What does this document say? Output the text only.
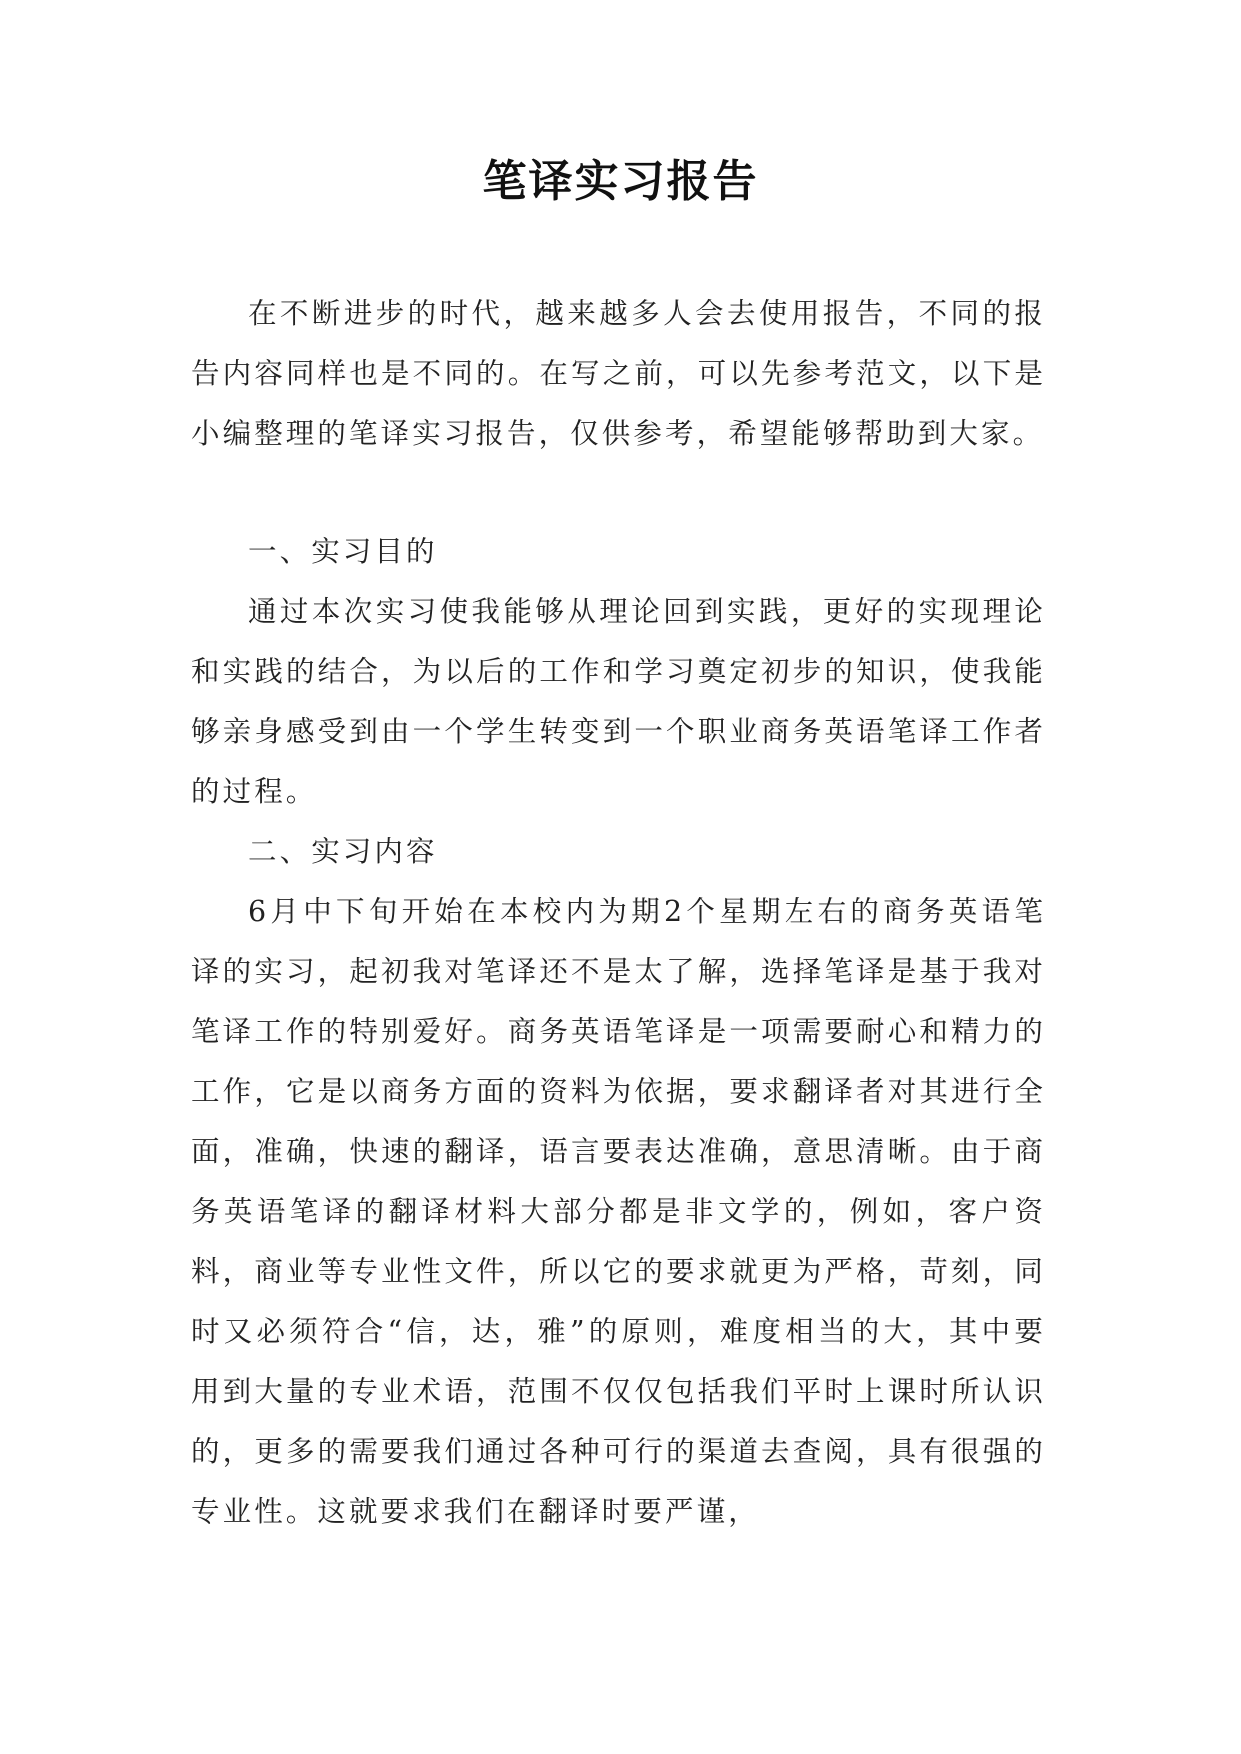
笔译实习报告

在不断进步的时代，越来越多人会去使用报告，不同的报告内容同样也是不同的。在写之前，可以先参考范文，以下是小编整理的笔译实习报告，仅供参考，希望能够帮助到大家。

一、实习目的

通过本次实习使我能够从理论回到实践，更好的实现理论和实践的结合，为以后的工作和学习奠定初步的知识，使我能够亲身感受到由一个学生转变到一个职业商务英语笔译工作者的过程。

二、实习内容

6月中下旬开始在本校内为期2个星期左右的商务英语笔译的实习，起初我对笔译还不是太了解，选择笔译是基于我对笔译工作的特别爱好。商务英语笔译是一项需要耐心和精力的工作，它是以商务方面的资料为依据，要求翻译者对其进行全面，准确，快速的翻译，语言要表达准确，意思清晰。由于商务英语笔译的翻译材料大部分都是非文学的，例如，客户资料，商业等专业性文件，所以它的要求就更为严格，苛刻，同时又必须符合“信，达，雅”的原则，难度相当的大，其中要用到大量的专业术语，范围不仅仅包括我们平时上课时所认识的，更多的需要我们通过各种可行的渠道去查阅，具有很强的专业性。这就要求我们在翻译时要严谨，
